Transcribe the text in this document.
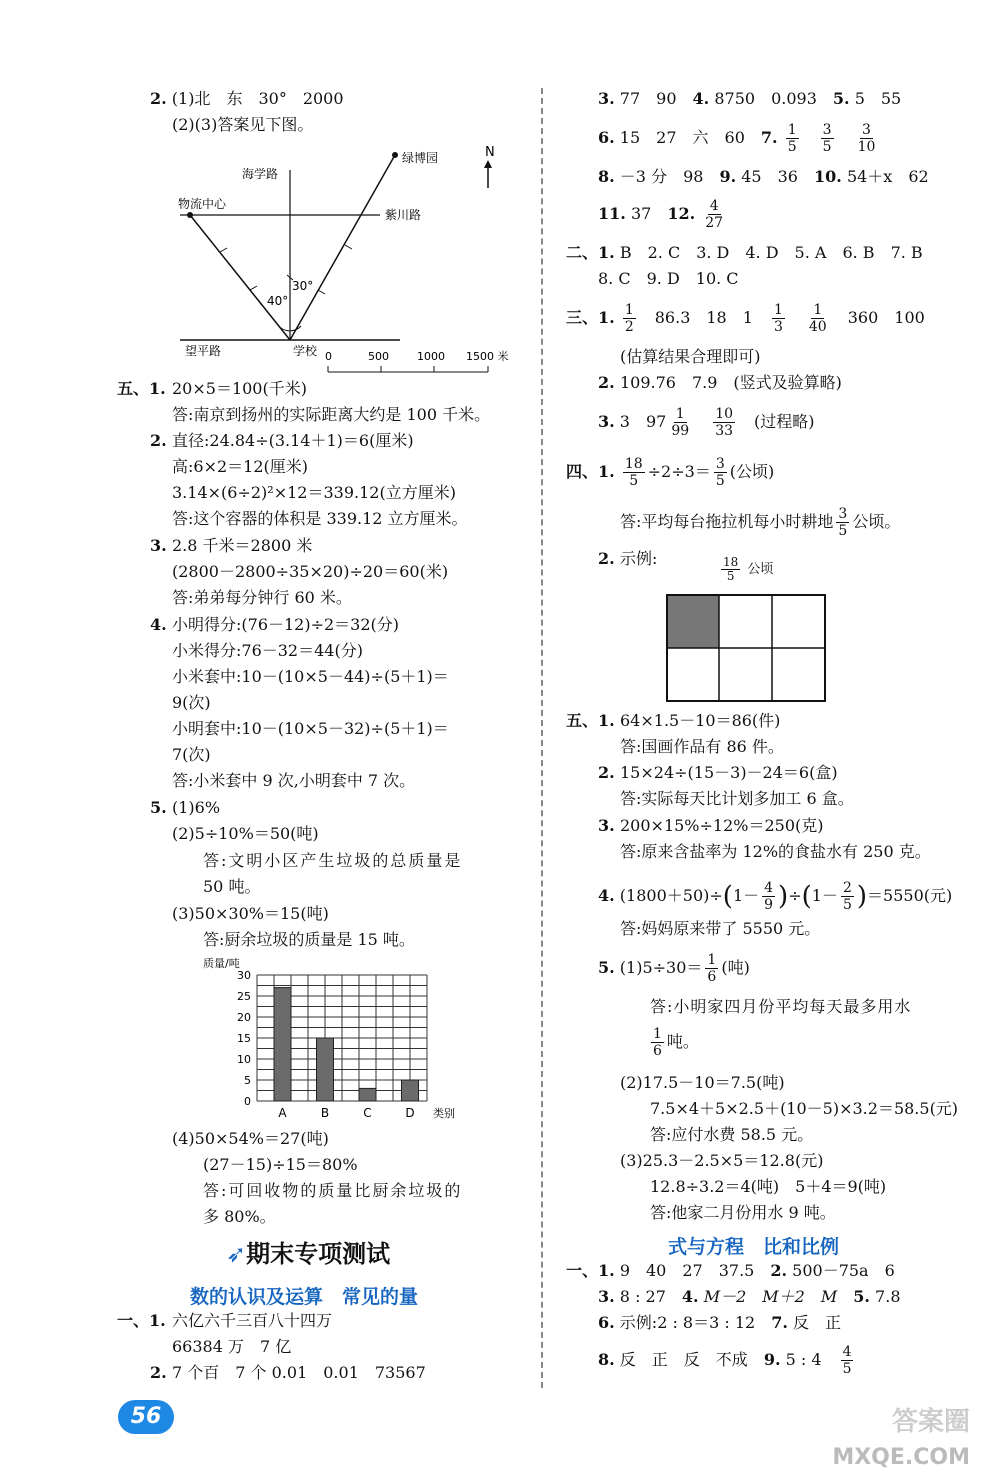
2. (1)北　东　30°　2000
(2)(3)答案见下图。
绿博园	N
海学路
物流中心
紫川路
30°
40°
望平路	学校 0	500	1000 1500 米
五、1. 20×5＝100(千米)
答:南京到扬州的实际距离大约是 100 千米。
2. 直径:24.84÷(3.14＋1)＝6(厘米)
高:6×2＝12(厘米)
3.14×(6÷2)²×12＝339.12(立方厘米)
答:这个容器的体积是 339.12 立方厘米。
3. 2.8 千米＝2800 米
(2800－2800÷35×20)÷20＝60(米)
答:弟弟每分钟行 60 米。
4. 小明得分:(76－12)÷2＝32(分)
小米得分:76－32＝44(分)
小米套中:10－(10×5－44)÷(5＋1)＝
9(次)
小明套中:10－(10×5－32)÷(5＋1)＝
7(次)
答:小米套中 9 次,小明套中 7 次。
5. (1)6%
(2)5÷10%＝50(吨)
答:文明小区产生垃圾的总质量是
50 吨。
(3)50×30%＝15(吨)
答:厨余垃圾的质量是 15 吨。
0
5
10
15
20
25
30
质量/吨
A	B	C	D 类别
(4)50×54%＝27(吨)
(27－15)÷15＝80%
答:可回收物的质量比厨余垃圾的
多 80%。
➶期末专项测试
数的认识及运算　常见的量
一、1. 六亿六千三百八十四万
66384 万　7 亿
2. 7 个百　7 个 0.01　0.01　73567
3. 77　90　 4. 8750　0.093　 5. 5　55
6. 15　27　六　60　 7. $\frac{1}{5}$
　 $\frac{3}{5}$
　 $\frac{3}{10}$
8. －3 分　98　 9. 45　36　 10. 54＋x　62
11. 37　 12. $\frac{4}{27}$
二、1. B　 2. C　3. D　4. D　5. A　6. B　7. B
8. C　9. D　10. C
三、1. $\frac{1}{2}$
　 86.3　18　1　 $\frac{1}{3}$
　 $\frac{1}{40}$
　 360　100
(估算结果合理即可)
2. 109.76　7.9　(竖式及验算略)
3. 3　$97 \frac{1}{99}$
　 $\frac{10}{33}$
　 (过程略)
四、1. $\frac{18}{5} \div 2\div 3= \frac{3}{5}$ (公顷)
答:平均每台拖拉机每小时耕地 $\frac{3}{5}$ 公顷。
2. 示例:	$\frac{18}{5}$ 公顷
五、1. 64×1.5－10＝86(件)
答:国画作品有 86 件。
2. 15×24÷(15－3)－24＝6(盒)
答:实际每天比计划多加工 6 盒。
3. 200×15%÷12%＝250(克)
答:原来含盐率为 12%的食盐水有 250 克。
4. $(1800+50)\div(1- \frac{4}{9} )\div(1- \frac{2}{5} )=5550$(元)
答:妈妈原来带了 5550 元。
5. $(1)5\div 30= \frac{1}{6}$ (吨)
答:小明家四月份平均每天最多用水
$\frac{1}{6}$ 吨。
(2)17.5－10＝7.5(吨)
7.5×4＋5×2.5＋(10－5)×3.2＝58.5(元)
答:应付水费 58.5 元。
(3)25.3－2.5×5＝12.8(元)
12.8÷3.2＝4(吨)　5＋4＝9(吨)
答:他家二月份用水 9 吨。
式与方程　比和比例
一、1. 9　40　27　37.5　 2. 500－75a　6
3. 8 : 27　 4. M－2　M＋2　M　 5. 7.8
6. 示例:2 : 8＝3 : 12　 7. 反　正
8. 反　正　反　不成　 9. 5 : 4　 $\frac{4}{5}$
56	答案圈
MXQE.COM
